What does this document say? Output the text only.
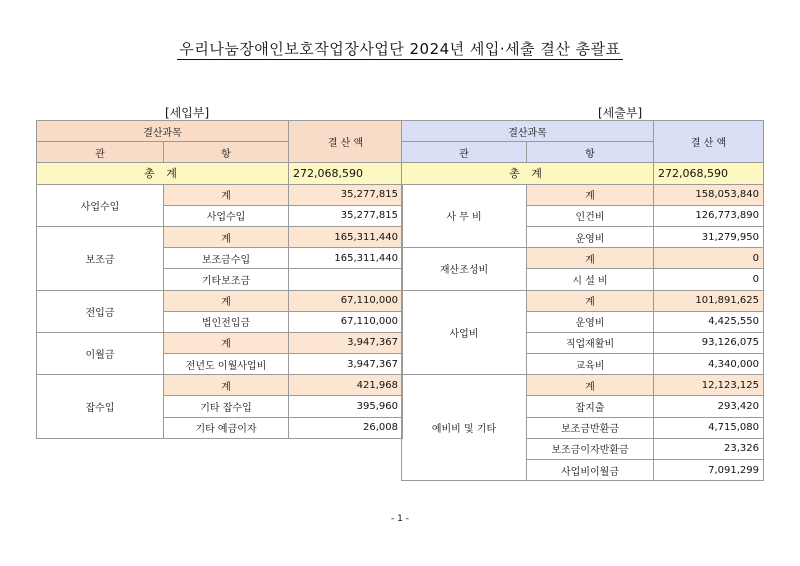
우리나눔장애인보호작업장사업단 2024년 세입·세출 결산 총괄표
[세입부]	[세출부]
결산과목		결 산 액
관	항	
총 계		272,068,590
사업수입	계	35,277,815
	사업수입	35,277,815
보조금	계	165,311,440
	보조금수입	165,311,440
	기타보조금	
전입금	계	67,110,000
	법인전입금	67,110,000
이월금	계	3,947,367
	전년도 이월사업비	3,947,367
잡수입	계	421,968
	기타 잡수입	395,960
	기타 예금이자	26,008
결산과목		결 산 액
관	항	
총 계		272,068,590
사 무 비	계	158,053,840
	인건비	126,773,890
	운영비	31,279,950
재산조성비	계	0
	시 설 비	0
사업비	계	101,891,625
	운영비	4,425,550
	직업재활비	93,126,075
	교육비	4,340,000
예비비 및 기타	계	12,123,125
	잡지출	293,420
	보조금반환금	4,715,080
	보조금이자반환금	23,326
	사업비이월금	7,091,299
- 1 -
